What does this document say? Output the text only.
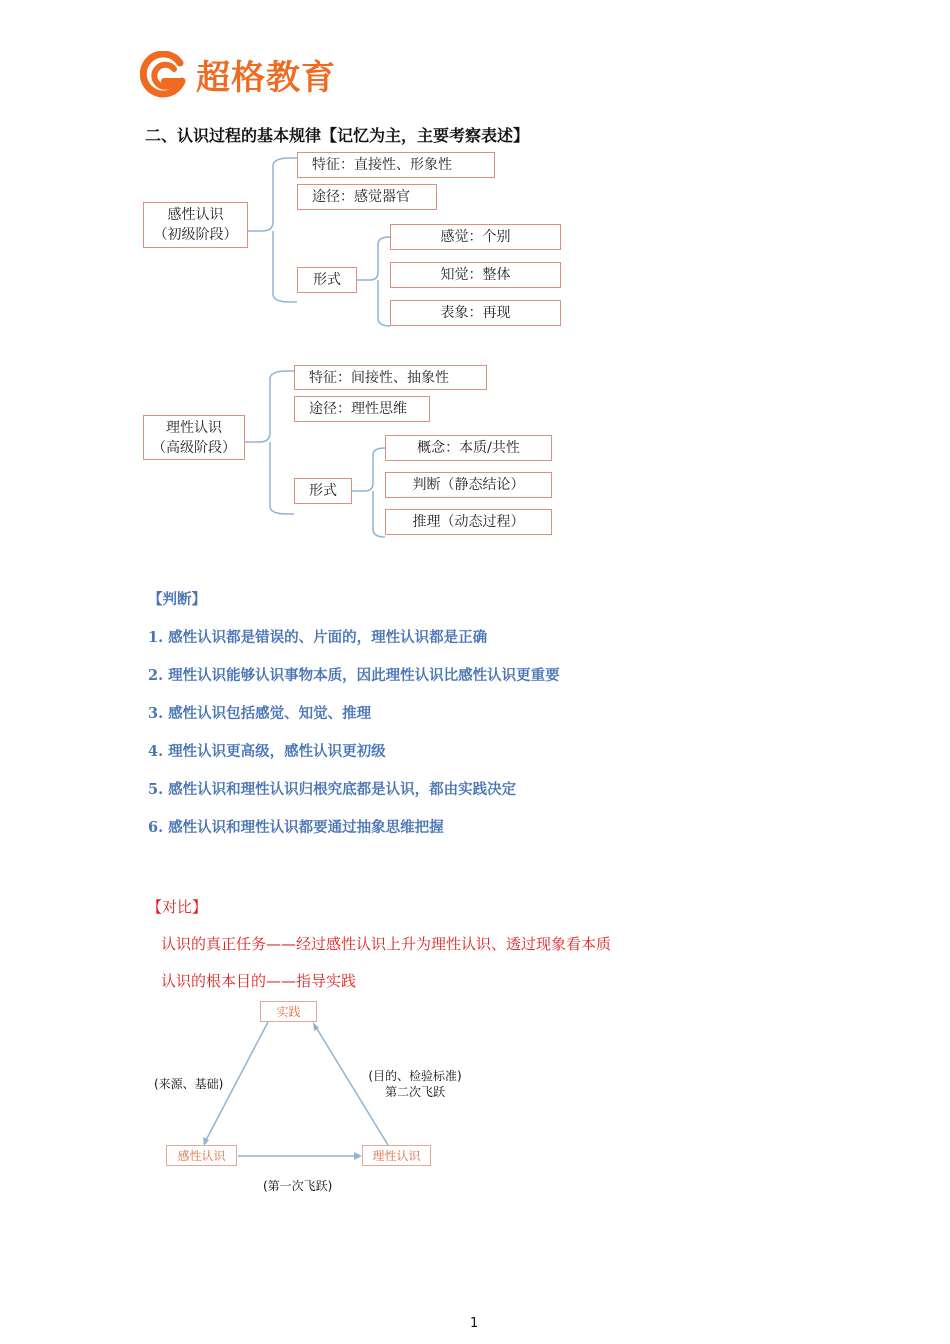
超格教育
二、认识过程的基本规律【记忆为主，主要考察表述】
感性认识
（初级阶段）
特征：直接性、形象性
途径：感觉器官
形式
感觉：个别
知觉：整体
表象：再现
理性认识
（高级阶段）
特征：间接性、抽象性
途径：理性思维
形式
概念：本质/共性
判断（静态结论）
推理（动态过程）
【判断】
1. 感性认识都是错误的、片面的，理性认识都是正确
2. 理性认识能够认识事物本质，因此理性认识比感性认识更重要
3. 感性认识包括感觉、知觉、推理
4. 理性认识更高级，感性认识更初级
5. 感性认识和理性认识归根究底都是认识，都由实践决定
6. 感性认识和理性认识都要通过抽象思维把握
【对比】
认识的真正任务——经过感性认识上升为理性认识、透过现象看本质
认识的根本目的——指导实践
实践
感性认识	理性认识
(来源、基础)
(目的、检验标准)
第二次飞跃
(第一次飞跃)
1
